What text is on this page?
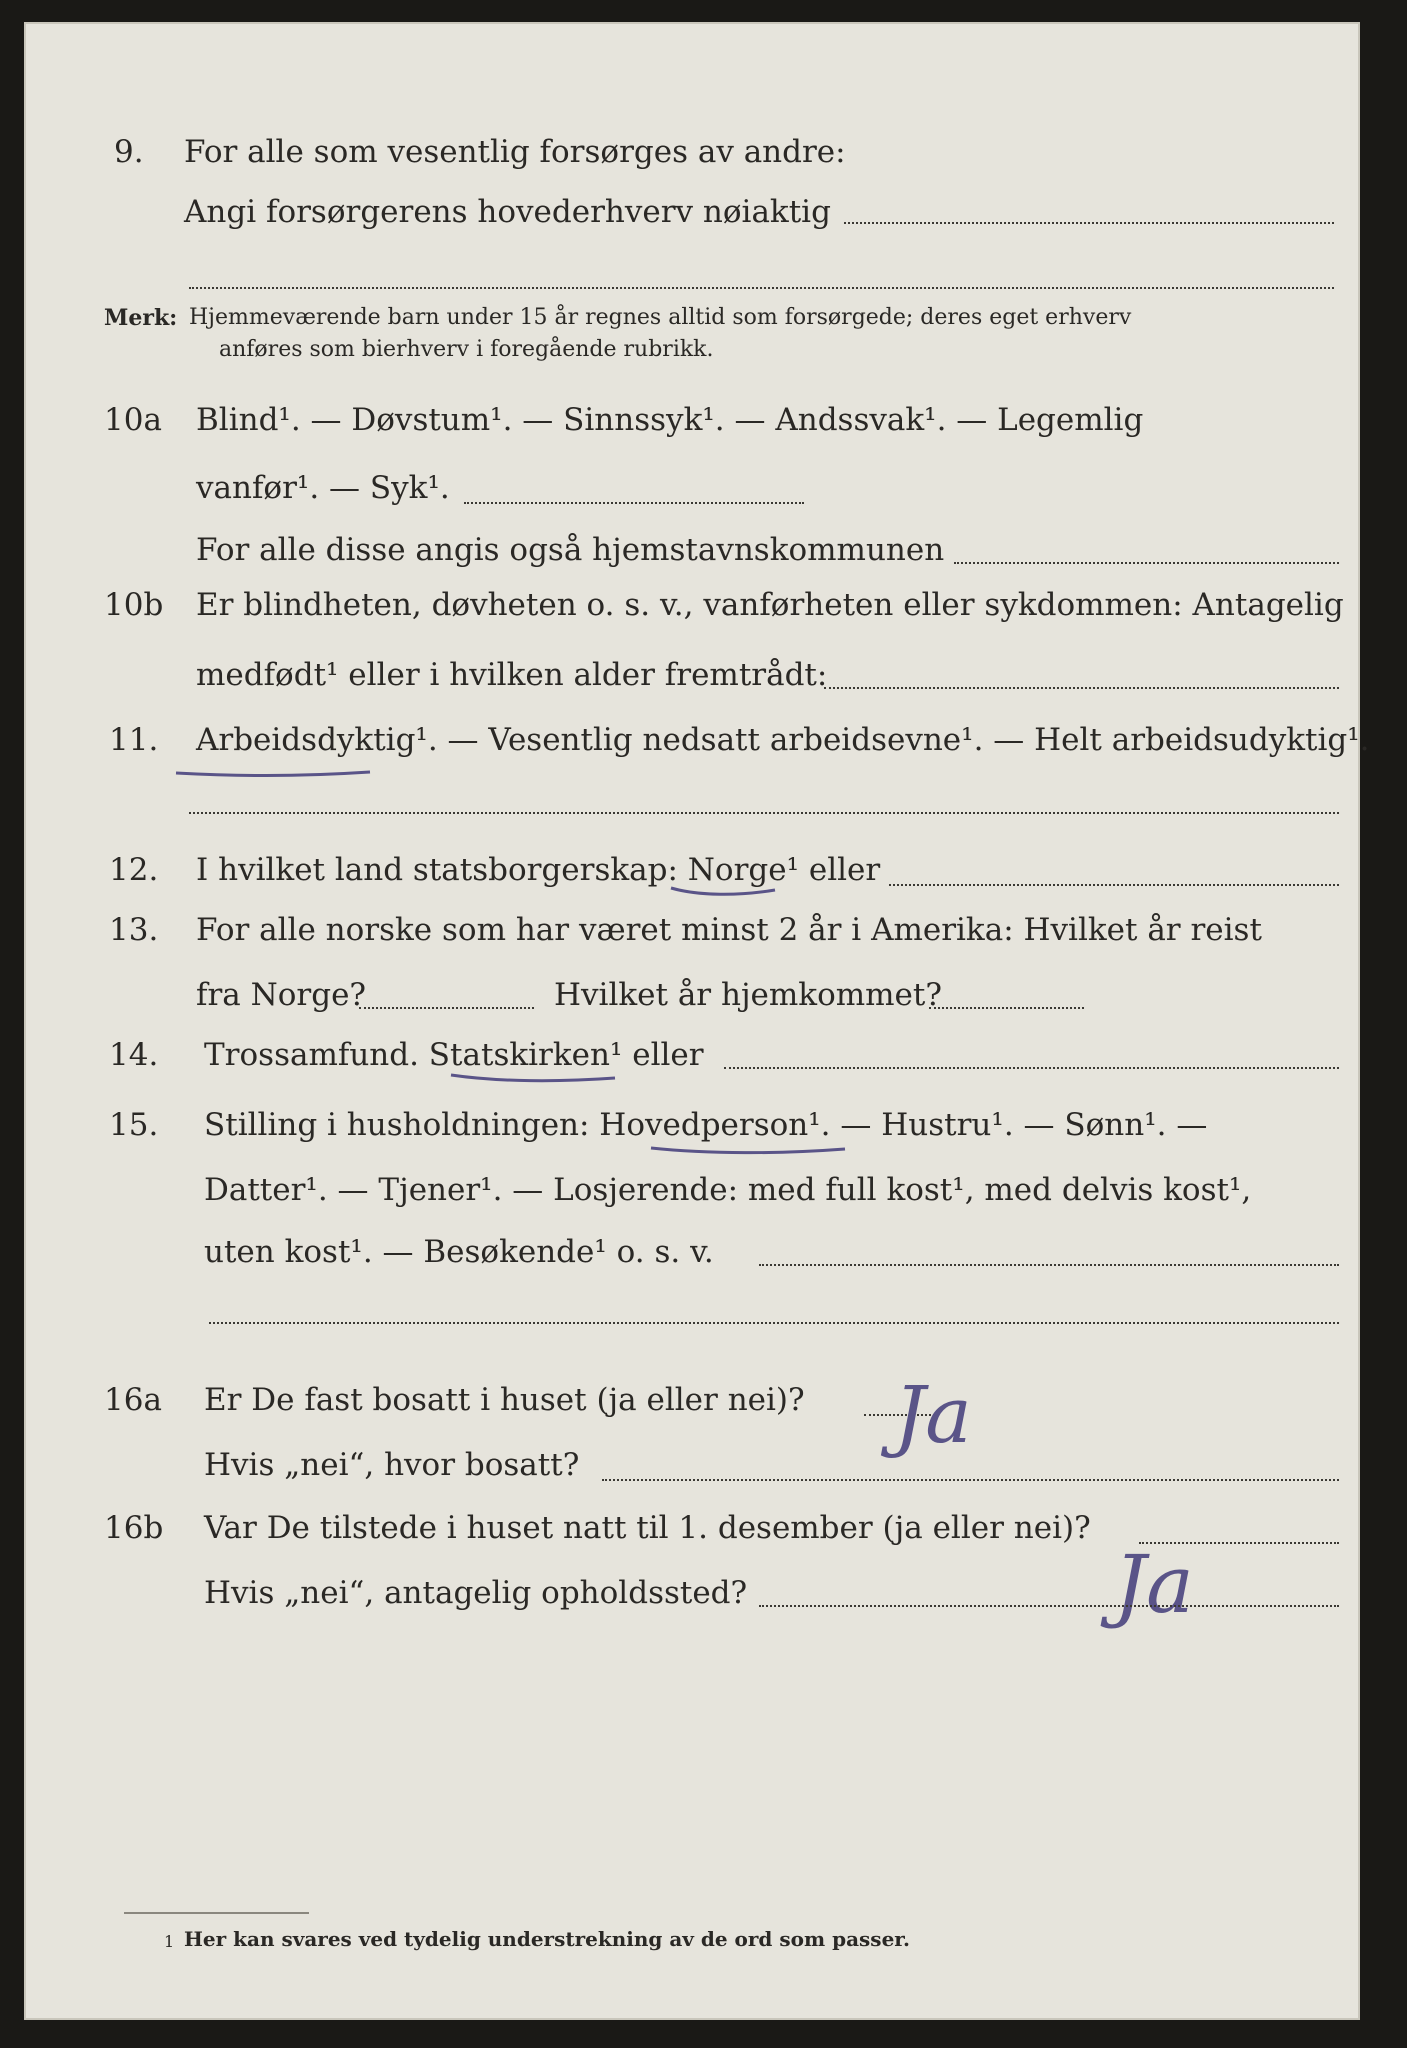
9. For alle som vesentlig forsørges av andre:
Angi forsørgerens hovederhverv nøiaktig
Merk: Hjemmeværende barn under 15 år regnes alltid som forsørgede; deres eget erhverv
anføres som bierhverv i foregående rubrikk.
10a Blind¹. — Døvstum¹. — Sinnssyk¹. — Andssvak¹. — Legemlig
vanfør¹. — Syk¹.
For alle disse angis også hjemstavnskommunen
10b Er blindheten, døvheten o. s. v., vanførheten eller sykdommen: Antagelig
medfødt¹ eller i hvilken alder fremtrådt:
11. Arbeidsdyktig¹. — Vesentlig nedsatt arbeidsevne¹. — Helt arbeidsudyktig¹.
12. I hvilket land statsborgerskap: Norge¹ eller
13. For alle norske som har været minst 2 år i Amerika: Hvilket år reist
fra Norge?	Hvilket år hjemkommet?
14. Trossamfund. Statskirken¹ eller
15. Stilling i husholdningen: Hovedperson¹. — Hustru¹. — Sønn¹. —
Datter¹. — Tjener¹. — Losjerende: med full kost¹, med delvis kost¹,
uten kost¹. — Besøkende¹ o. s. v.
16a Er De fast bosatt i huset (ja eller nei)? Ja
Hvis „nei“, hvor bosatt?
16b Var De tilstede i huset natt til 1. desember (ja eller nei)?
Ja
Hvis „nei“, antagelig opholdssted?
1 Her kan svares ved tydelig understrekning av de ord som passer.
